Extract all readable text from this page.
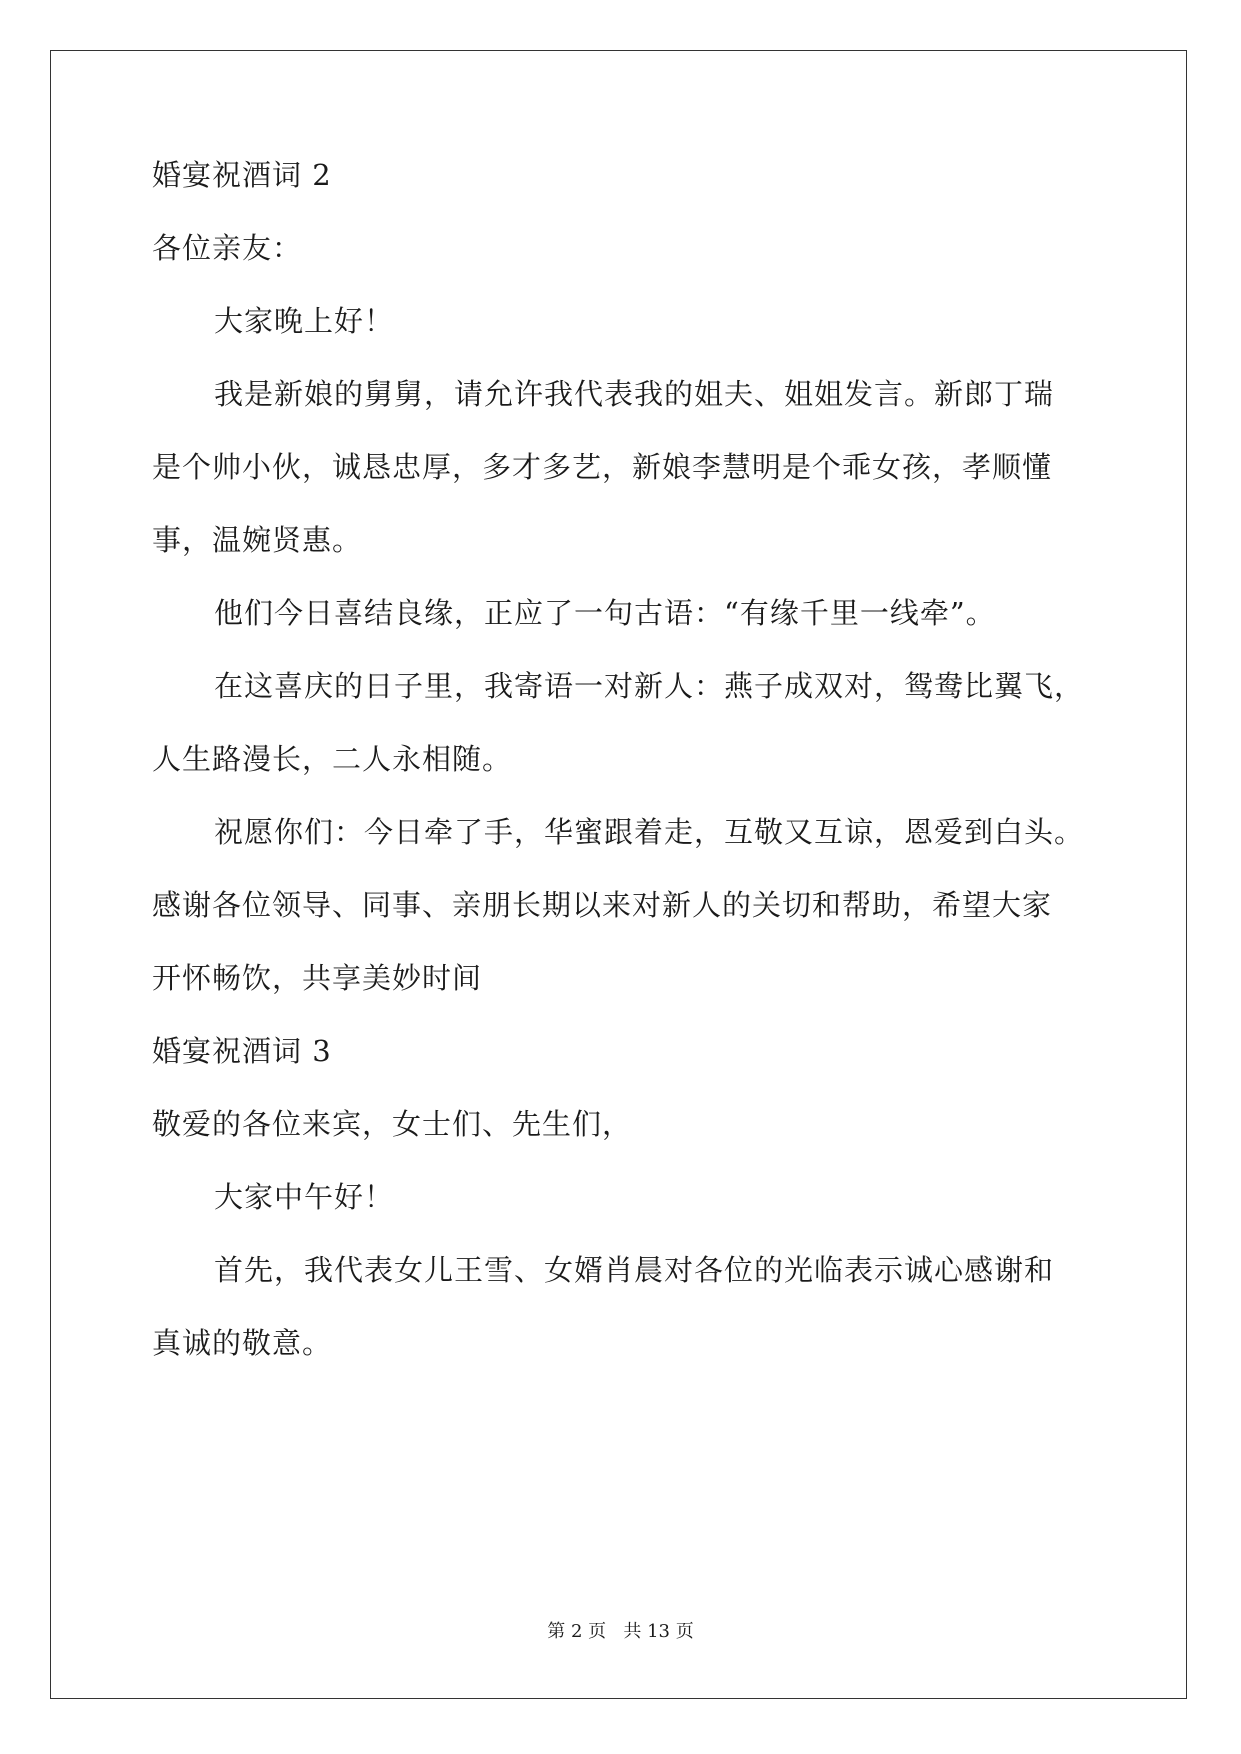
婚宴祝酒词 2
各位亲友：
大家晚上好！
我是新娘的舅舅，请允许我代表我的姐夫、姐姐发言。新郎丁瑞
是个帅小伙，诚恳忠厚，多才多艺，新娘李慧明是个乖女孩，孝顺懂
事，温婉贤惠。
他们今日喜结良缘，正应了一句古语：“有缘千里一线牵”。
在这喜庆的日子里，我寄语一对新人：燕子成双对，鸳鸯比翼飞，
人生路漫长，二人永相随。
祝愿你们：今日牵了手，华蜜跟着走，互敬又互谅，恩爱到白头。
感谢各位领导、同事、亲朋长期以来对新人的关切和帮助，希望大家
开怀畅饮，共享美妙时间
婚宴祝酒词 3
敬爱的各位来宾，女士们、先生们，
大家中午好！
首先，我代表女儿王雪、女婿肖晨对各位的光临表示诚心感谢和
真诚的敬意。
第 2 页   共 13 页
